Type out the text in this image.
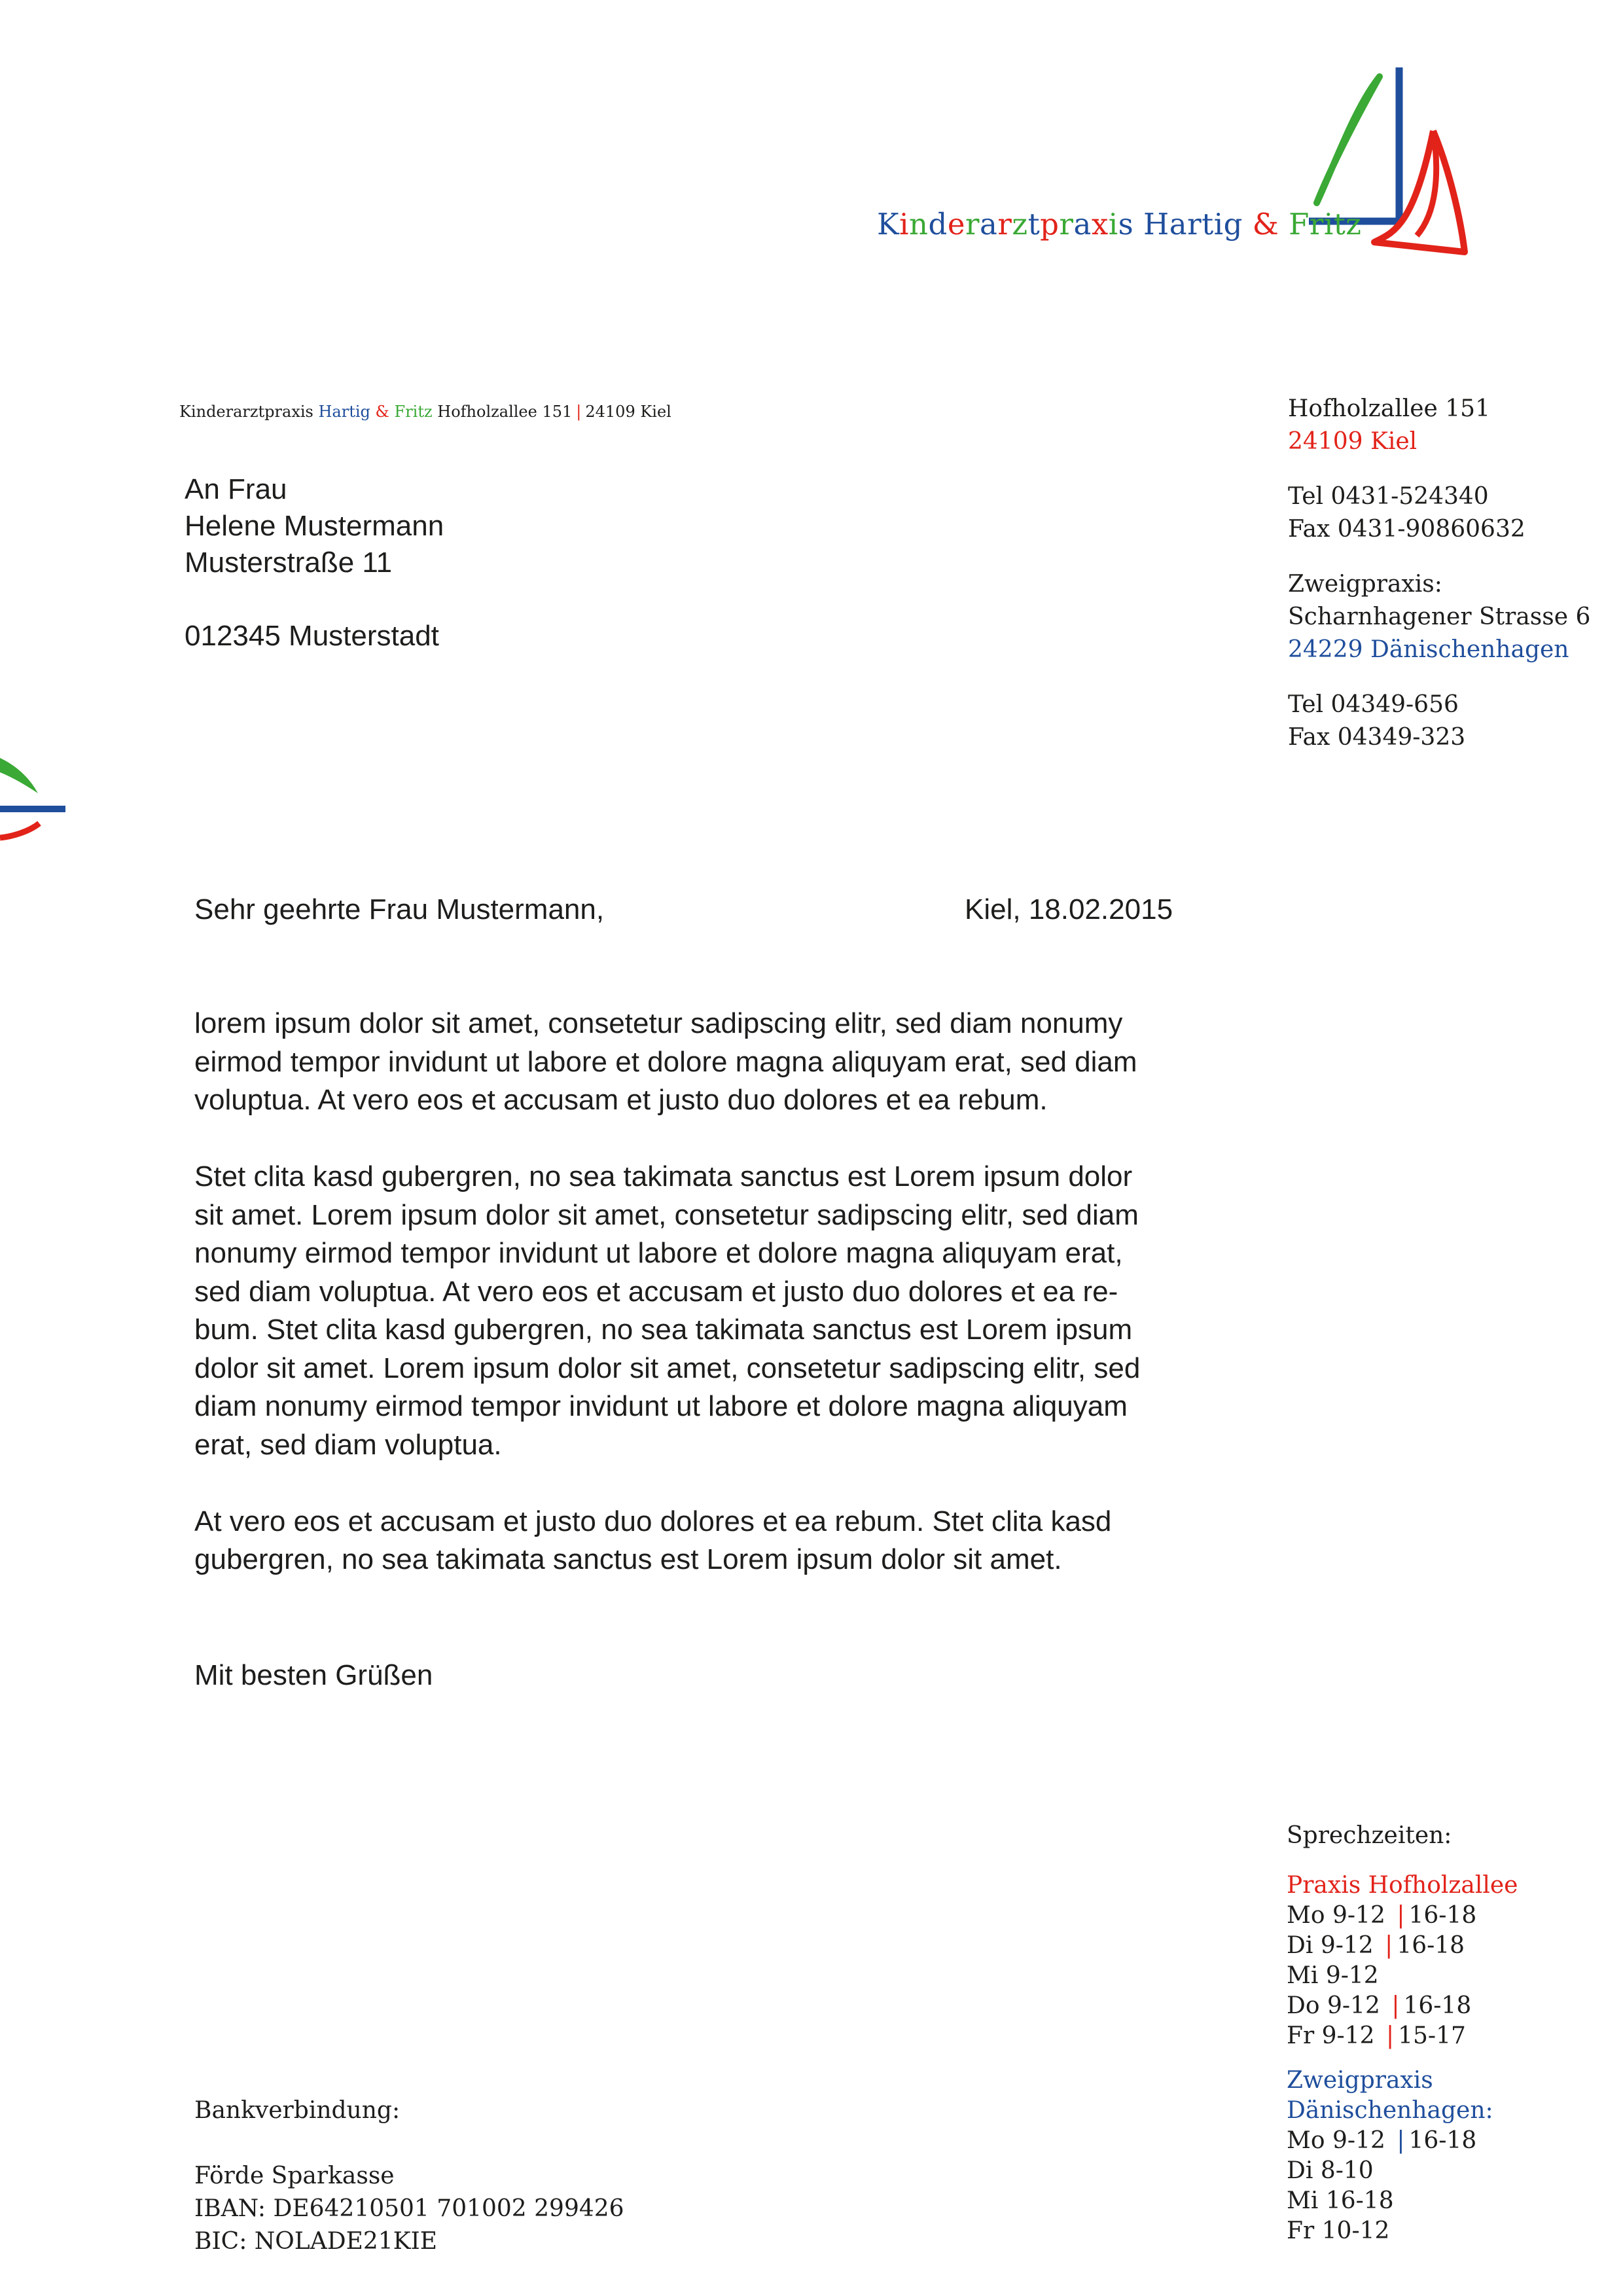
Kinderarztpraxis Hartig & Fritz
Kinderarztpraxis Hartig & Fritz Hofholzallee 151 | 24109 Kiel
An Frau
Helene Mustermann
Musterstraße 11
012345 Musterstadt
Hofholzallee 151
24109 Kiel
Tel 0431-524340
Fax 0431-90860632
Zweigpraxis:
Scharnhagener Strasse 6
24229 Dänischenhagen
Tel 04349-656
Fax 04349-323
Sehr geehrte Frau Mustermann,	Kiel, 18.02.2015
lorem ipsum dolor sit amet, consetetur sadipscing elitr, sed diam nonumy
eirmod tempor invidunt ut labore et dolore magna aliquyam erat, sed diam
voluptua. At vero eos et accusam et justo duo dolores et ea rebum.
Stet clita kasd gubergren, no sea takimata sanctus est Lorem ipsum dolor
sit amet. Lorem ipsum dolor sit amet, consetetur sadipscing elitr, sed diam
nonumy eirmod tempor invidunt ut labore et dolore magna aliquyam erat,
sed diam voluptua. At vero eos et accusam et justo duo dolores et ea re-
bum. Stet clita kasd gubergren, no sea takimata sanctus est Lorem ipsum
dolor sit amet. Lorem ipsum dolor sit amet, consetetur sadipscing elitr, sed
diam nonumy eirmod tempor invidunt ut labore et dolore magna aliquyam
erat, sed diam voluptua.
At vero eos et accusam et justo duo dolores et ea rebum. Stet clita kasd
gubergren, no sea takimata sanctus est Lorem ipsum dolor sit amet.
Mit besten Grüßen
Bankverbindung:
Förde Sparkasse
IBAN: DE64210501 701002 299426
BIC: NOLADE21KIE
Sprechzeiten:
Praxis Hofholzallee
Mo 9-12 | 16-18
Di 9-12 | 16-18
Mi 9-12
Do 9-12 | 16-18
Fr 9-12 | 15-17
Zweigpraxis
Dänischenhagen:
Mo 9-12 | 16-18
Di 8-10
Mi 16-18
Fr 10-12
